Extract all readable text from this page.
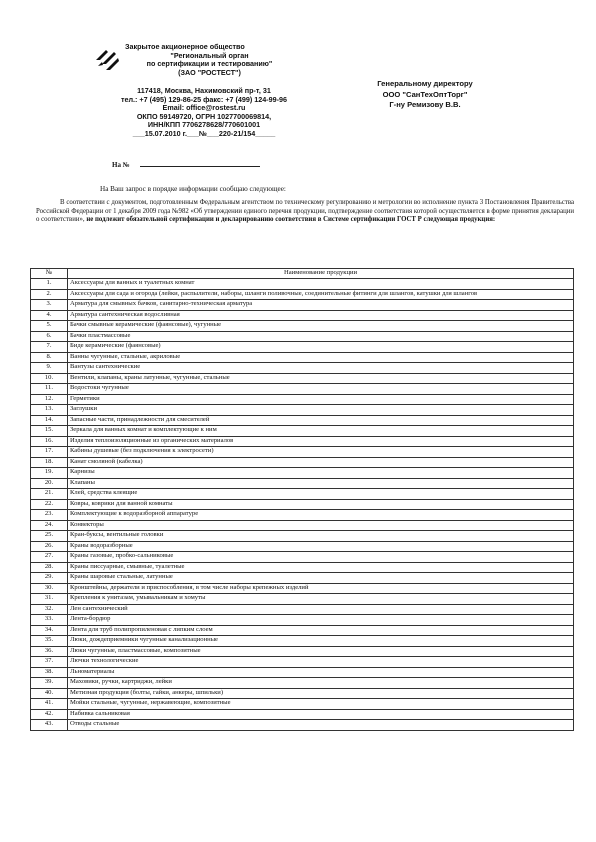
Закрытое акционерное общество
"Региональный орган
по сертификации и тестированию"
(ЗАО "РОСТЕСТ")
117418, Москва, Нахимовский пр-т, 31
тел.: +7 (495) 129-86-25 факс: +7 (499) 124-99-96
Email: office@rostest.ru
ОКПО 59149720, ОГРН 1027700069814,
ИНН/КПП 7706278628/770601001
___15.07.2010 г.___№___220-21/154_____
Генеральному директору
ООО "СанТехОптТорг"
Г-ну Ремизову В.В.
На №
На Ваш запрос в порядке информации сообщаю следующее:
В соответствии с документом, подготовленным Федеральным агентством по техническому регулированию и метрологии во исполнение пункта 3 Постановления Правительства Российской Федерации от 1 декабря 2009 года №982 «Об утверждении единого перечня продукции, подтверждение соответствия которой осуществляется в форме принятия декларации о соответствии», не подлежит обязательной сертификации и декларированию соответствия в Системе сертификации ГОСТ Р следующая продукция:
№	Наименование продукции
1.	Аксессуары для ванных и туалетных комнат
2.	Аксессуары для сада и огорода (лейки, распылители, наборы, шланги поливочные, соединительные фитинги для шлангов, катушки для шлангов
3.	Арматура для смывных бачков, санитарно-техническая арматура
4.	Арматура сантехническая водосливная
5.	Бачки смывные керамические (фаянсовые), чугунные
6.	Бачки пластмассовые
7.	Биде керамические (фаянсовые)
8.	Ванны чугунные, стальные, акриловые
9.	Вантузы сантехнические
10.	Вентили, клапаны, краны латунные, чугунные, стальные
11.	Водостоки чугунные
12.	Герметики
13.	Заглушки
14.	Запасные части, принадлежности для смесителей
15.	Зеркала для ванных комнат и комплектующие к ним
16.	Изделия теплоизоляционные из органических материалов
17.	Кабины душевые (без подключения к электросети)
18.	Канат смоляной (кабелка)
19.	Карнизы
20.	Клапаны
21.	Клей, средства клеящие
22.	Ковры, коврики для ванной комнаты
23.	Комплектующие к водоразборной аппаратуре
24.	Конвекторы
25.	Кран-буксы, вентильные головки
26.	Краны водоразборные
27.	Краны газовые, пробко-сальниковые
28.	Краны писсуарные, смывные, туалетные
29.	Краны шаровые стальные, латунные
30.	Кронштейны, держатели и приспособления, в том числе наборы крепежных изделий
31.	Крепления к унитазам, умывальникам и хомуты
32.	Лен сантехнический
33.	Лента-бордюр
34.	Лента для труб полипропиленовая с липким слоем
35.	Люки, дождеприемники чугунные канализационные
36.	Люки чугунные, пластмассовые, композитные
37.	Лючки технологические
38.	Льноматериалы
39.	Маховики, ручки, картриджи, лейки
40.	Метизная продукция (болты, гайки, анкеры, шпильки)
41.	Мойки стальные, чугунные, нержавеющие, композитные
42.	Набивка сальниковая
43.	Отводы стальные
